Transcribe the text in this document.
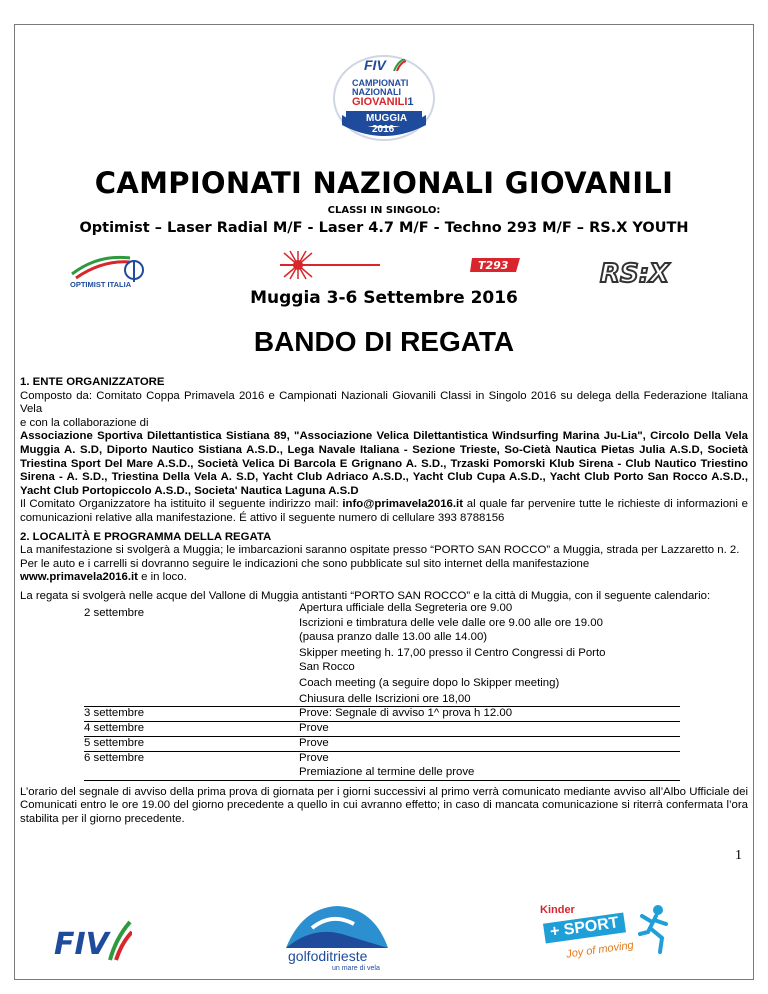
FIV
CAMPIONATI
NAZIONALI
GIOVANILI1
MUGGIA
2016
CAMPIONATI NAZIONALI GIOVANILI
CLASSI IN SINGOLO:
Optimist – Laser Radial M/F - Laser 4.7 M/F - Techno 293 M/F – RS.X YOUTH
OPTIMIST ITALIA
T293	RS:X
Muggia 3-6 Settembre 2016
BANDO DI REGATA

1. ENTE ORGANIZZATORE

Composto da: Comitato Coppa Primavela 2016 e Campionati Nazionali Giovanili Classi in Singolo 2016 su delega della Federazione Italiana Vela

e con la collaborazione di

Associazione Sportiva Dilettantistica Sistiana 89, "Associazione Velica Dilettantistica Windsurfing Marina Ju-Lia", Circolo Della Vela Muggia A. S.D, Diporto Nautico Sistiana A.S.D., Lega Navale Italiana - Sezione Trieste, So-Cietà Nautica Pietas Julia A.S.D, Società Triestina Sport Del Mare A.S.D., Società Velica Di Barcola E Grignano A. S.D., Trzaski Pomorski Klub Sirena - Club Nautico Triestino Sirena - A. S.D., Triestina Della Vela A. S.D, Yacht Club Adriaco A.S.D., Yacht Club Cupa A.S.D., Yacht Club Porto San Rocco A.S.D., Yacht Club Portopiccolo A.S.D., Societa' Nautica Laguna A.S.D

Il Comitato Organizzatore ha istituito il seguente indirizzo mail: info@primavela2016.it al quale far pervenire tutte le richieste di informazioni e comunicazioni relative alla manifestazione. É attivo il seguente numero di cellulare 393 8788156

2. LOCALITÀ E PROGRAMMA DELLA REGATA

La manifestazione si svolgerà a Muggia; le imbarcazioni saranno ospitate presso “PORTO SAN ROCCO” a Muggia, strada per Lazzaretto n. 2.

Per le auto e i carrelli si dovranno seguire le indicazioni che sono pubblicate sul sito internet della manifestazione
www.primavela2016.it e in loco.

La regata si svolgerà nelle acque del Vallone di Muggia antistanti “PORTO SAN ROCCO” e la città di Muggia, con il seguente calendario:

2 settembre	Apertura ufficiale della Segreteria ore 9.00
Iscrizioni e timbratura delle vele dalle ore 9.00 alle ore 19.00
(pausa pranzo dalle 13.00 alle 14.00)
Skipper meeting h. 17,00 presso il Centro Congressi di Porto
San Rocco
Coach meeting (a seguire dopo lo Skipper meeting)
Chiusura delle Iscrizioni ore 18,00
3 settembre	Prove: Segnale di avviso 1^ prova h 12.00
4 settembre	Prove
5 settembre	Prove
6 settembre	Prove
Premiazione al termine delle prove

L’orario del segnale di avviso della prima prova di giornata per i giorni successivi al primo verrà comunicato mediante avviso all’Albo Ufficiale dei Comunicati entro le ore 19.00 del giorno precedente a quello in cui avranno effetto; in caso di mancata comunicazione si riterrà confermata l’ora stabilita per il giorno precedente.

1
FIV	golfoditrieste
un mare di vela
Kinder
+ SPORT
Joy of moving
